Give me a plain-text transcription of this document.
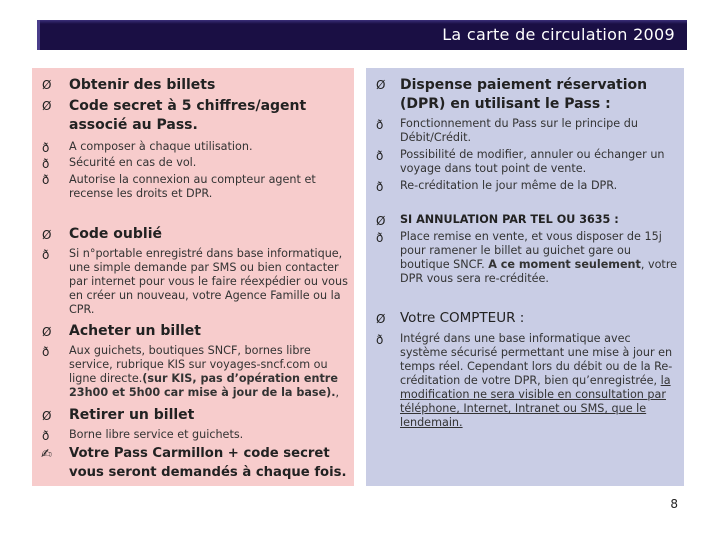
La carte de circulation 2009
Ø Obtenir des billets
Ø Code secret à 5 chiffres/agent associé au Pass.
ð A composer à chaque utilisation.
ð Sécurité en cas de vol.
ð Autorise la connexion au compteur agent et recense les droits et DPR.
Ø Code oublié
ð Si n°portable enregistré dans base informatique, une simple demande par SMS ou bien contacter par internet pour vous le faire réexpédier ou vous en créer un nouveau, votre Agence Famille ou la CPR.
Ø Acheter un billet
ð Aux guichets, boutiques SNCF, bornes libre service, rubrique KIS sur voyages-sncf.com ou ligne directe.(sur KIS, pas d’opération entre 23h00 et 5h00 car mise à jour de la base).,
Ø Retirer un billet
ð Borne libre service et guichets.
✍ Votre Pass Carmillon + code secret vous seront demandés à chaque fois.
Ø Dispense paiement réservation (DPR) en utilisant le Pass :
ð Fonctionnement du Pass sur le principe du Débit/Crédit.
ð Possibilité de modifier, annuler ou échanger un voyage dans tout point de vente.
ð Re-créditation le jour même de la DPR.
Ø SI ANNULATION PAR TEL OU 3635 :
ð Place remise en vente, et vous disposer de 15j pour ramener le billet au guichet gare ou boutique SNCF. A ce moment seulement, votre DPR vous sera re-créditée.
Ø Votre COMPTEUR :
ð Intégré dans une base informatique avec système sécurisé permettant une mise à jour en temps réel. Cependant lors du débit ou de la Re-créditation de votre DPR, bien qu’enregistrée, la modification ne sera visible en consultation par téléphone, Internet, Intranet ou SMS, que le lendemain.
8
